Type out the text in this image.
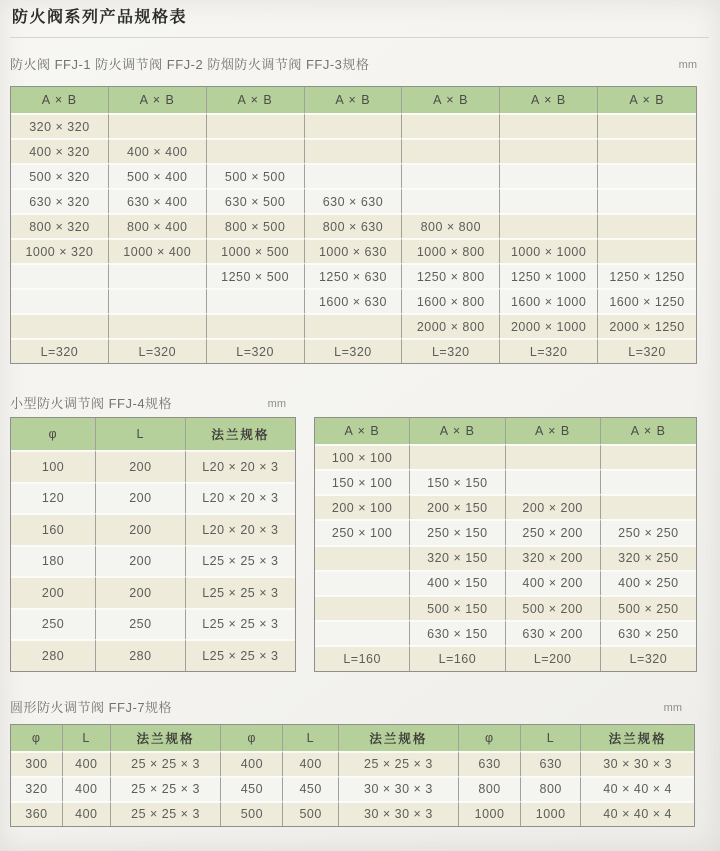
防火阀系列产品规格表
防火阀 FFJ-1 防火调节阀 FFJ-2 防烟防火调节阀 FFJ-3规格	mm
A × B	A × B	A × B	A × B	A × B	A × B	A × B
320 × 320						
400 × 320	400 × 400					
500 × 320	500 × 400	500 × 500				
630 × 320	630 × 400	630 × 500	630 × 630			
800 × 320	800 × 400	800 × 500	800 × 630	800 × 800		
1000 × 320	1000 × 400	1000 × 500	1000 × 630	1000 × 800	1000 × 1000	
		1250 × 500	1250 × 630	1250 × 800	1250 × 1000	1250 × 1250
			1600 × 630	1600 × 800	1600 × 1000	1600 × 1250
				2000 × 800	2000 × 1000	2000 × 1250
L=320	L=320	L=320	L=320	L=320	L=320	L=320
小型防火调节阀 FFJ-4规格	mm
φ	L	法兰规格
100	200	L20 × 20 × 3
120	200	L20 × 20 × 3
160	200	L20 × 20 × 3
180	200	L25 × 25 × 3
200	200	L25 × 25 × 3
250	250	L25 × 25 × 3
280	280	L25 × 25 × 3
A × B	A × B	A × B	A × B
100 × 100			
150 × 100	150 × 150		
200 × 100	200 × 150	200 × 200	
250 × 100	250 × 150	250 × 200	250 × 250
	320 × 150	320 × 200	320 × 250
	400 × 150	400 × 200	400 × 250
	500 × 150	500 × 200	500 × 250
	630 × 150	630 × 200	630 × 250
L=160	L=160	L=200	L=320
圆形防火调节阀 FFJ-7规格	mm
φ	L	法兰规格	φ	L	法兰规格	φ	L	法兰规格
300	400	25 × 25 × 3	400	400	25 × 25 × 3	630	630	30 × 30 × 3
320	400	25 × 25 × 3	450	450	30 × 30 × 3	800	800	40 × 40 × 4
360	400	25 × 25 × 3	500	500	30 × 30 × 3	1000	1000	40 × 40 × 4
